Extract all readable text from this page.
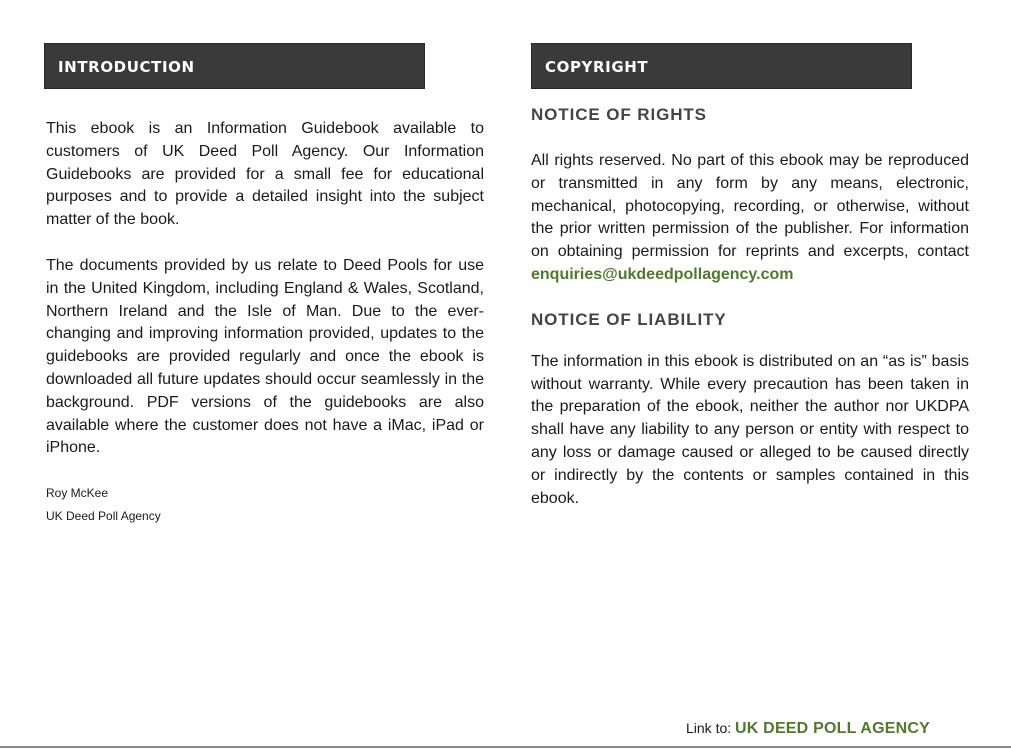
INTRODUCTION

This ebook is an Information Guidebook available to customers of UK Deed Poll Agency. Our Information Guidebooks are provided for a small fee for educational purposes and to provide a detailed insight into the subject matter of the book.

The documents provided by us relate to Deed Pools for use in the United Kingdom, including England & Wales, Scotland, Northern Ireland and the Isle of Man. Due to the ever-changing and improving information provided, updates to the guidebooks are provided regularly and once the ebook is downloaded all future updates should occur seamlessly in the background. PDF versions of the guidebooks are also available where the customer does not have a iMac, iPad or iPhone.

Roy McKee

UK Deed Poll Agency

COPYRIGHT
NOTICE OF RIGHTS

All rights reserved. No part of this ebook may be reproduced or transmitted in any form by any means, electronic, mechanical, photocopying, recording, or otherwise, without the prior written permission of the publisher. For information on obtaining permission for reprints and excerpts, contact enquiries@ukdeedpollagency.com

NOTICE OF LIABILITY

The information in this ebook is distributed on an “as is” basis without warranty. While every precaution has been taken in the preparation of the ebook, neither the author nor UKDPA shall have any liability to any person or entity with respect to any loss or damage caused or alleged to be caused directly or indirectly by the contents or samples contained in this ebook.

Link to: UK DEED POLL AGENCY
